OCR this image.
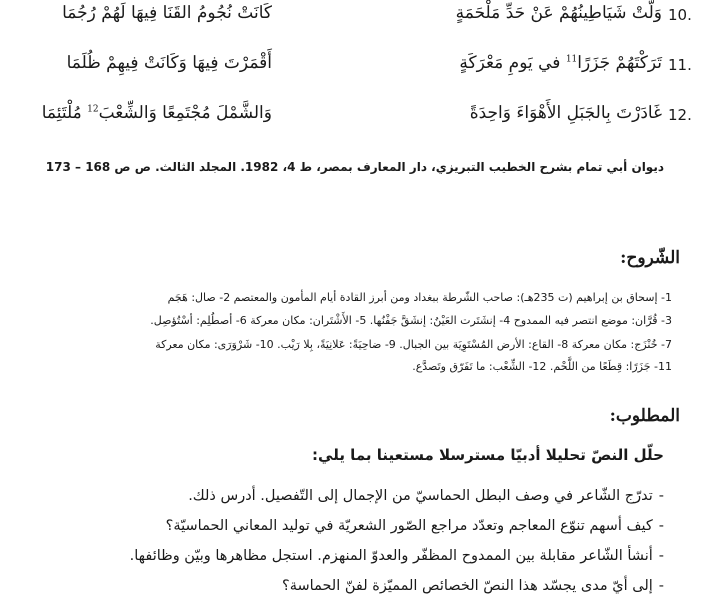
10.
وَلَّتْ شَيَاطِينُهُمْ عَنْ حَدِّ مَلْحَمَةٍ
كَانَتْ نُجُومُ القَنَا فِيهَا لَهُمْ رُجُمَا
11.
تَرَكْتَهُمْ جَزَرًا$^{11}$ في يَومِ مَعْرَكَةٍ
أَقْمَرْتَ فِيهَا وَكَانَتْ فِيهِمْ ظُلَمَا
12.
غَادَرْتَ بِالجَبَلِ الأَهْوَاءَ وَاحِدَةً
وَالشَّمْلَ مُجْتَمِعًا وَالشِّعْبَ$^{12}$ مُلْتَئِمَا
ديوان أبي تمام بشرح الخطيب التبريزي، دار المعارف بمصر، ط 4، 1982. المجلد الثالث. ص ص 168 – 173
الشّروح:
1- إسحاق بن إبراهيم (ت 235هـ): صاحب الشّرطة ببغداد ومن أبرز القادة أيام المأمون والمعتصم 2- صال: هَجَم
3- قُرَّان: موضع انتصر فيه الممدوح 4- إنشَتَرت العَيْنُ: إنشَقَّ جَفْنُها. 5- الأَشْتَران: مكان معركة 6- أصطُلِم: أسْتُؤصِل.
7- خُنْزَج: مكان معركة 8- القاع: الأرض المُسْتَوِيَة بين الجبال. 9- ضاحِيَةً: عَلانِيَةً، بِلا رَيْب. 10- شَرْوَرَى: مكان معركة
11- جَزَرًا: قِطَعًا من اللَّحْم. 12- الشِّعْب: ما تَفَرّق وتَصدَّع.
المطلوب:
حلّل النصّ تحليلا أدبيّا مسترسلا مستعينا بما يلي:
-تدرّج الشّاعر في وصف البطل الحماسيّ من الإجمال إلى التّفصيل. أدرس ذلك.
-كيف أسهم تنوّع المعاجم وتعدّد مراجع الصّور الشعريّة في توليد المعاني الحماسيّة؟
-أنشأ الشّاعر مقابلة بين الممدوح المظفّر والعدوّ المنهزم. استجل مظاهرها وبيّن وظائفها.
-إلى أيّ مدى يجسّد هذا النصّ الخصائص المميّزة لفنّ الحماسة؟
